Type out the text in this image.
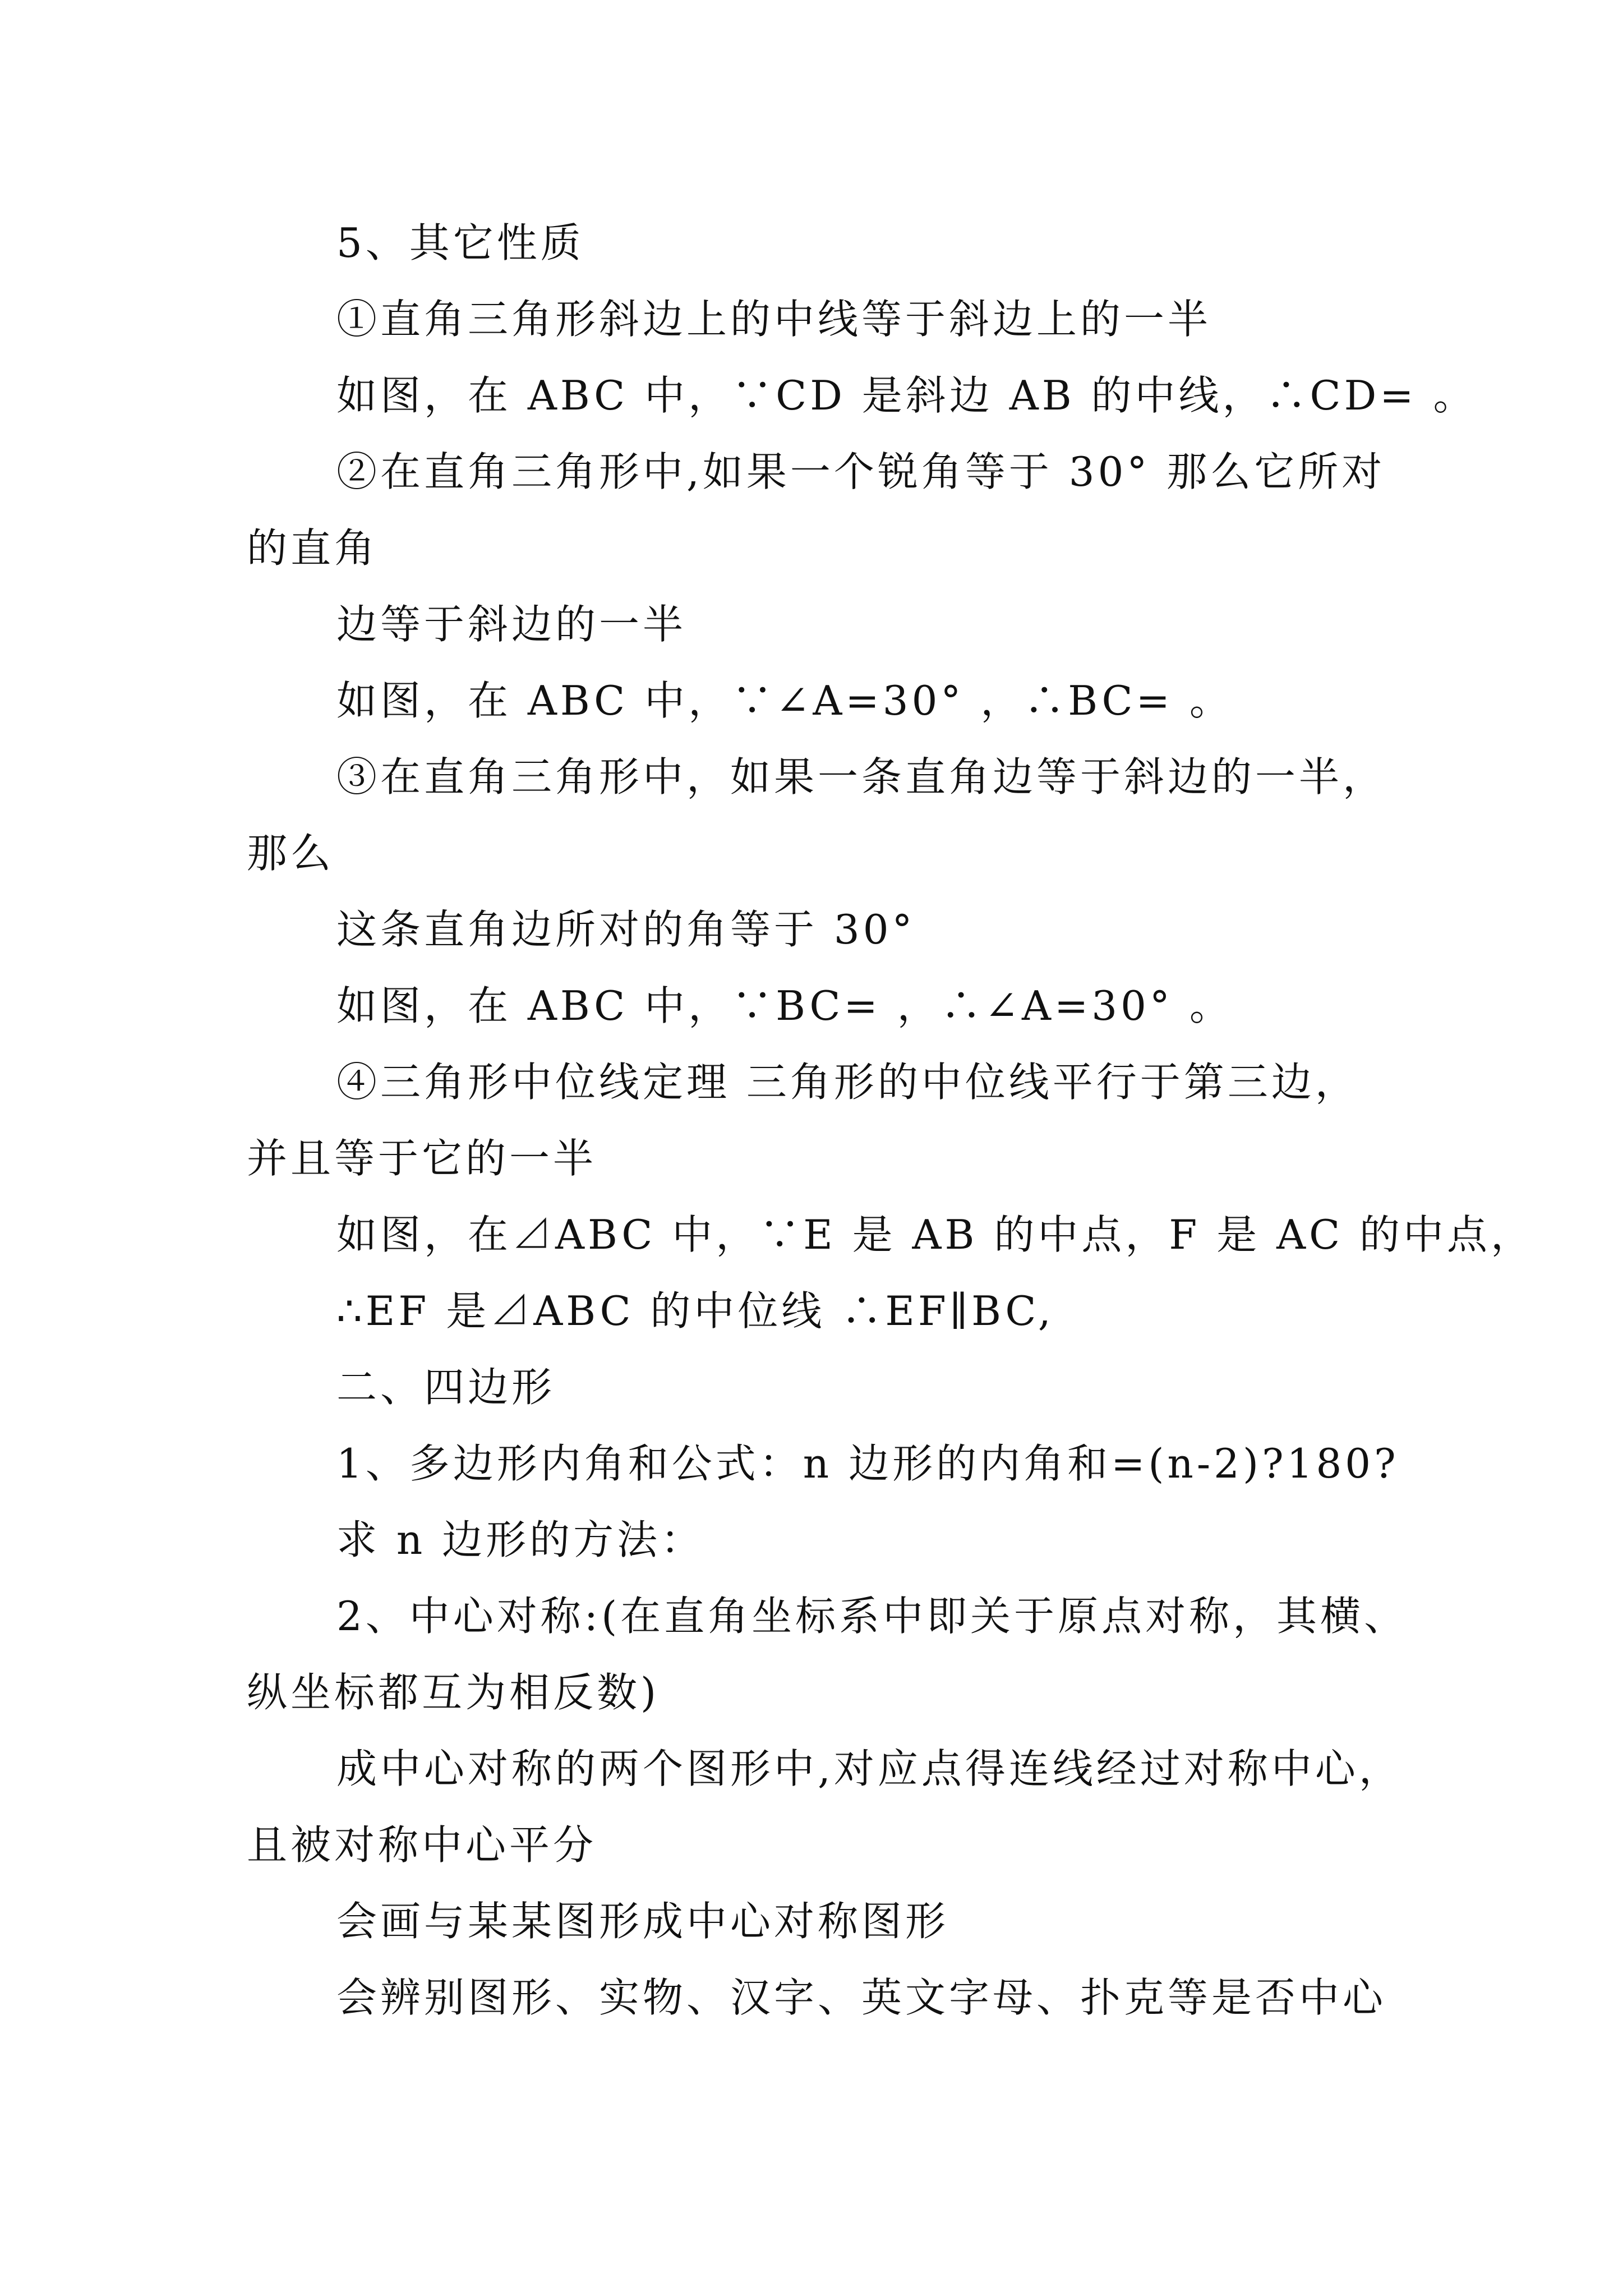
5、其它性质
①直角三角形斜边上的中线等于斜边上的一半
如图，在 ABC 中，∵CD 是斜边 AB 的中线，∴CD= 。
②在直角三角形中,如果一个锐角等于 30° 那么它所对
的直角
边等于斜边的一半
如图，在 ABC 中，∵∠A=30° ，∴BC= 。
③在直角三角形中，如果一条直角边等于斜边的一半，
那么
这条直角边所对的角等于 30°
如图，在 ABC 中，∵BC= ，∴∠A=30° 。
④三角形中位线定理 三角形的中位线平行于第三边，
并且等于它的一半
如图，在⊿ABC 中，∵E 是 AB 的中点，F 是 AC 的中点，
∴EF 是⊿ABC 的中位线 ∴EF∥BC,
二、四边形
1、多边形内角和公式：n 边形的内角和=(n-2)?180?
求 n 边形的方法：
2、中心对称:(在直角坐标系中即关于原点对称，其横、
纵坐标都互为相反数)
成中心对称的两个图形中,对应点得连线经过对称中心，
且被对称中心平分
会画与某某图形成中心对称图形
会辨别图形、实物、汉字、英文字母、扑克等是否中心
